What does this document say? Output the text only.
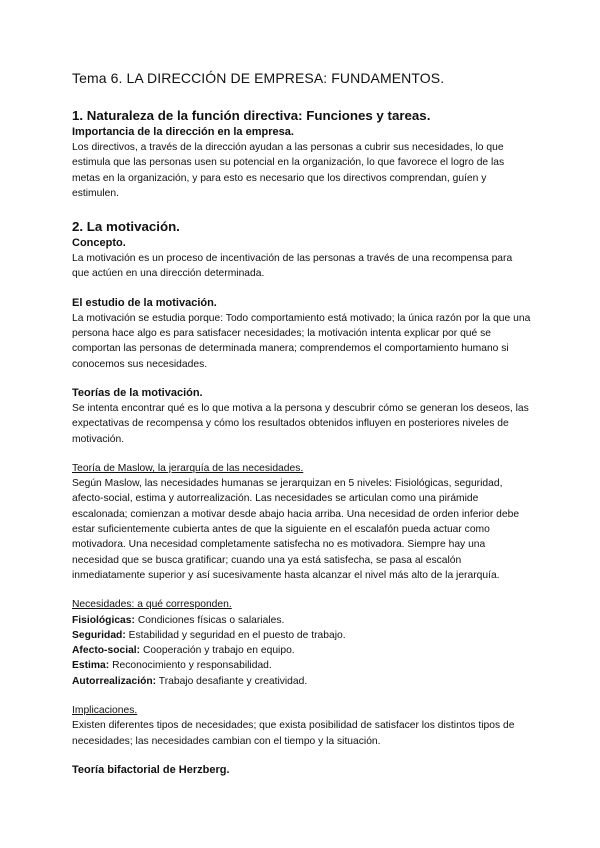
Tema 6. LA DIRECCIÓN DE EMPRESA: FUNDAMENTOS.

1. Naturaleza de la función directiva: Funciones y tareas.

Importancia de la dirección en la empresa.

Los directivos, a través de la dirección ayudan a las personas a cubrir sus necesidades, lo que estimula que las personas usen su potencial en la organización, lo que favorece el logro de las metas en la organización, y para esto es necesario que los directivos comprendan, guíen y estimulen.

2. La motivación.

Concepto.

La motivación es un proceso de incentivación de las personas a través de una recompensa para que actúen en una dirección determinada.

El estudio de la motivación.

La motivación se estudia porque: Todo comportamiento está motivado; la única razón por la que una persona hace algo es para satisfacer necesidades; la motivación intenta explicar por qué se comportan las personas de determinada manera; comprendemos el comportamiento humano si conocemos sus necesidades.

Teorías de la motivación.

Se intenta encontrar qué es lo que motiva a la persona y descubrir cómo se generan los deseos, las expectativas de recompensa y cómo los resultados obtenidos influyen en posteriores niveles de motivación.

Teoría de Maslow, la jerarquía de las necesidades.

Según Maslow, las necesidades humanas se jerarquizan en 5 niveles: Fisiológicas, seguridad, afecto-social, estima y autorrealización. Las necesidades se articulan como una pirámide escalonada; comienzan a motivar desde abajo hacia arriba. Una necesidad de orden inferior debe estar suficientemente cubierta antes de que la siguiente en el escalafón pueda actuar como motivadora. Una necesidad completamente satisfecha no es motivadora. Siempre hay una necesidad que se busca gratificar; cuando una ya está satisfecha, se pasa al escalón inmediatamente superior y así sucesivamente hasta alcanzar el nivel más alto de la jerarquía.

Necesidades: a qué corresponden.

Fisiológicas: Condiciones físicas o salariales.
Seguridad: Estabilidad y seguridad en el puesto de trabajo.
Afecto-social: Cooperación y trabajo en equipo.
Estima: Reconocimiento y responsabilidad.
Autorrealización: Trabajo desafiante y creatividad.

Implicaciones.

Existen diferentes tipos de necesidades; que exista posibilidad de satisfacer los distintos tipos de necesidades; las necesidades cambian con el tiempo y la situación.

Teoría bifactorial de Herzberg.
